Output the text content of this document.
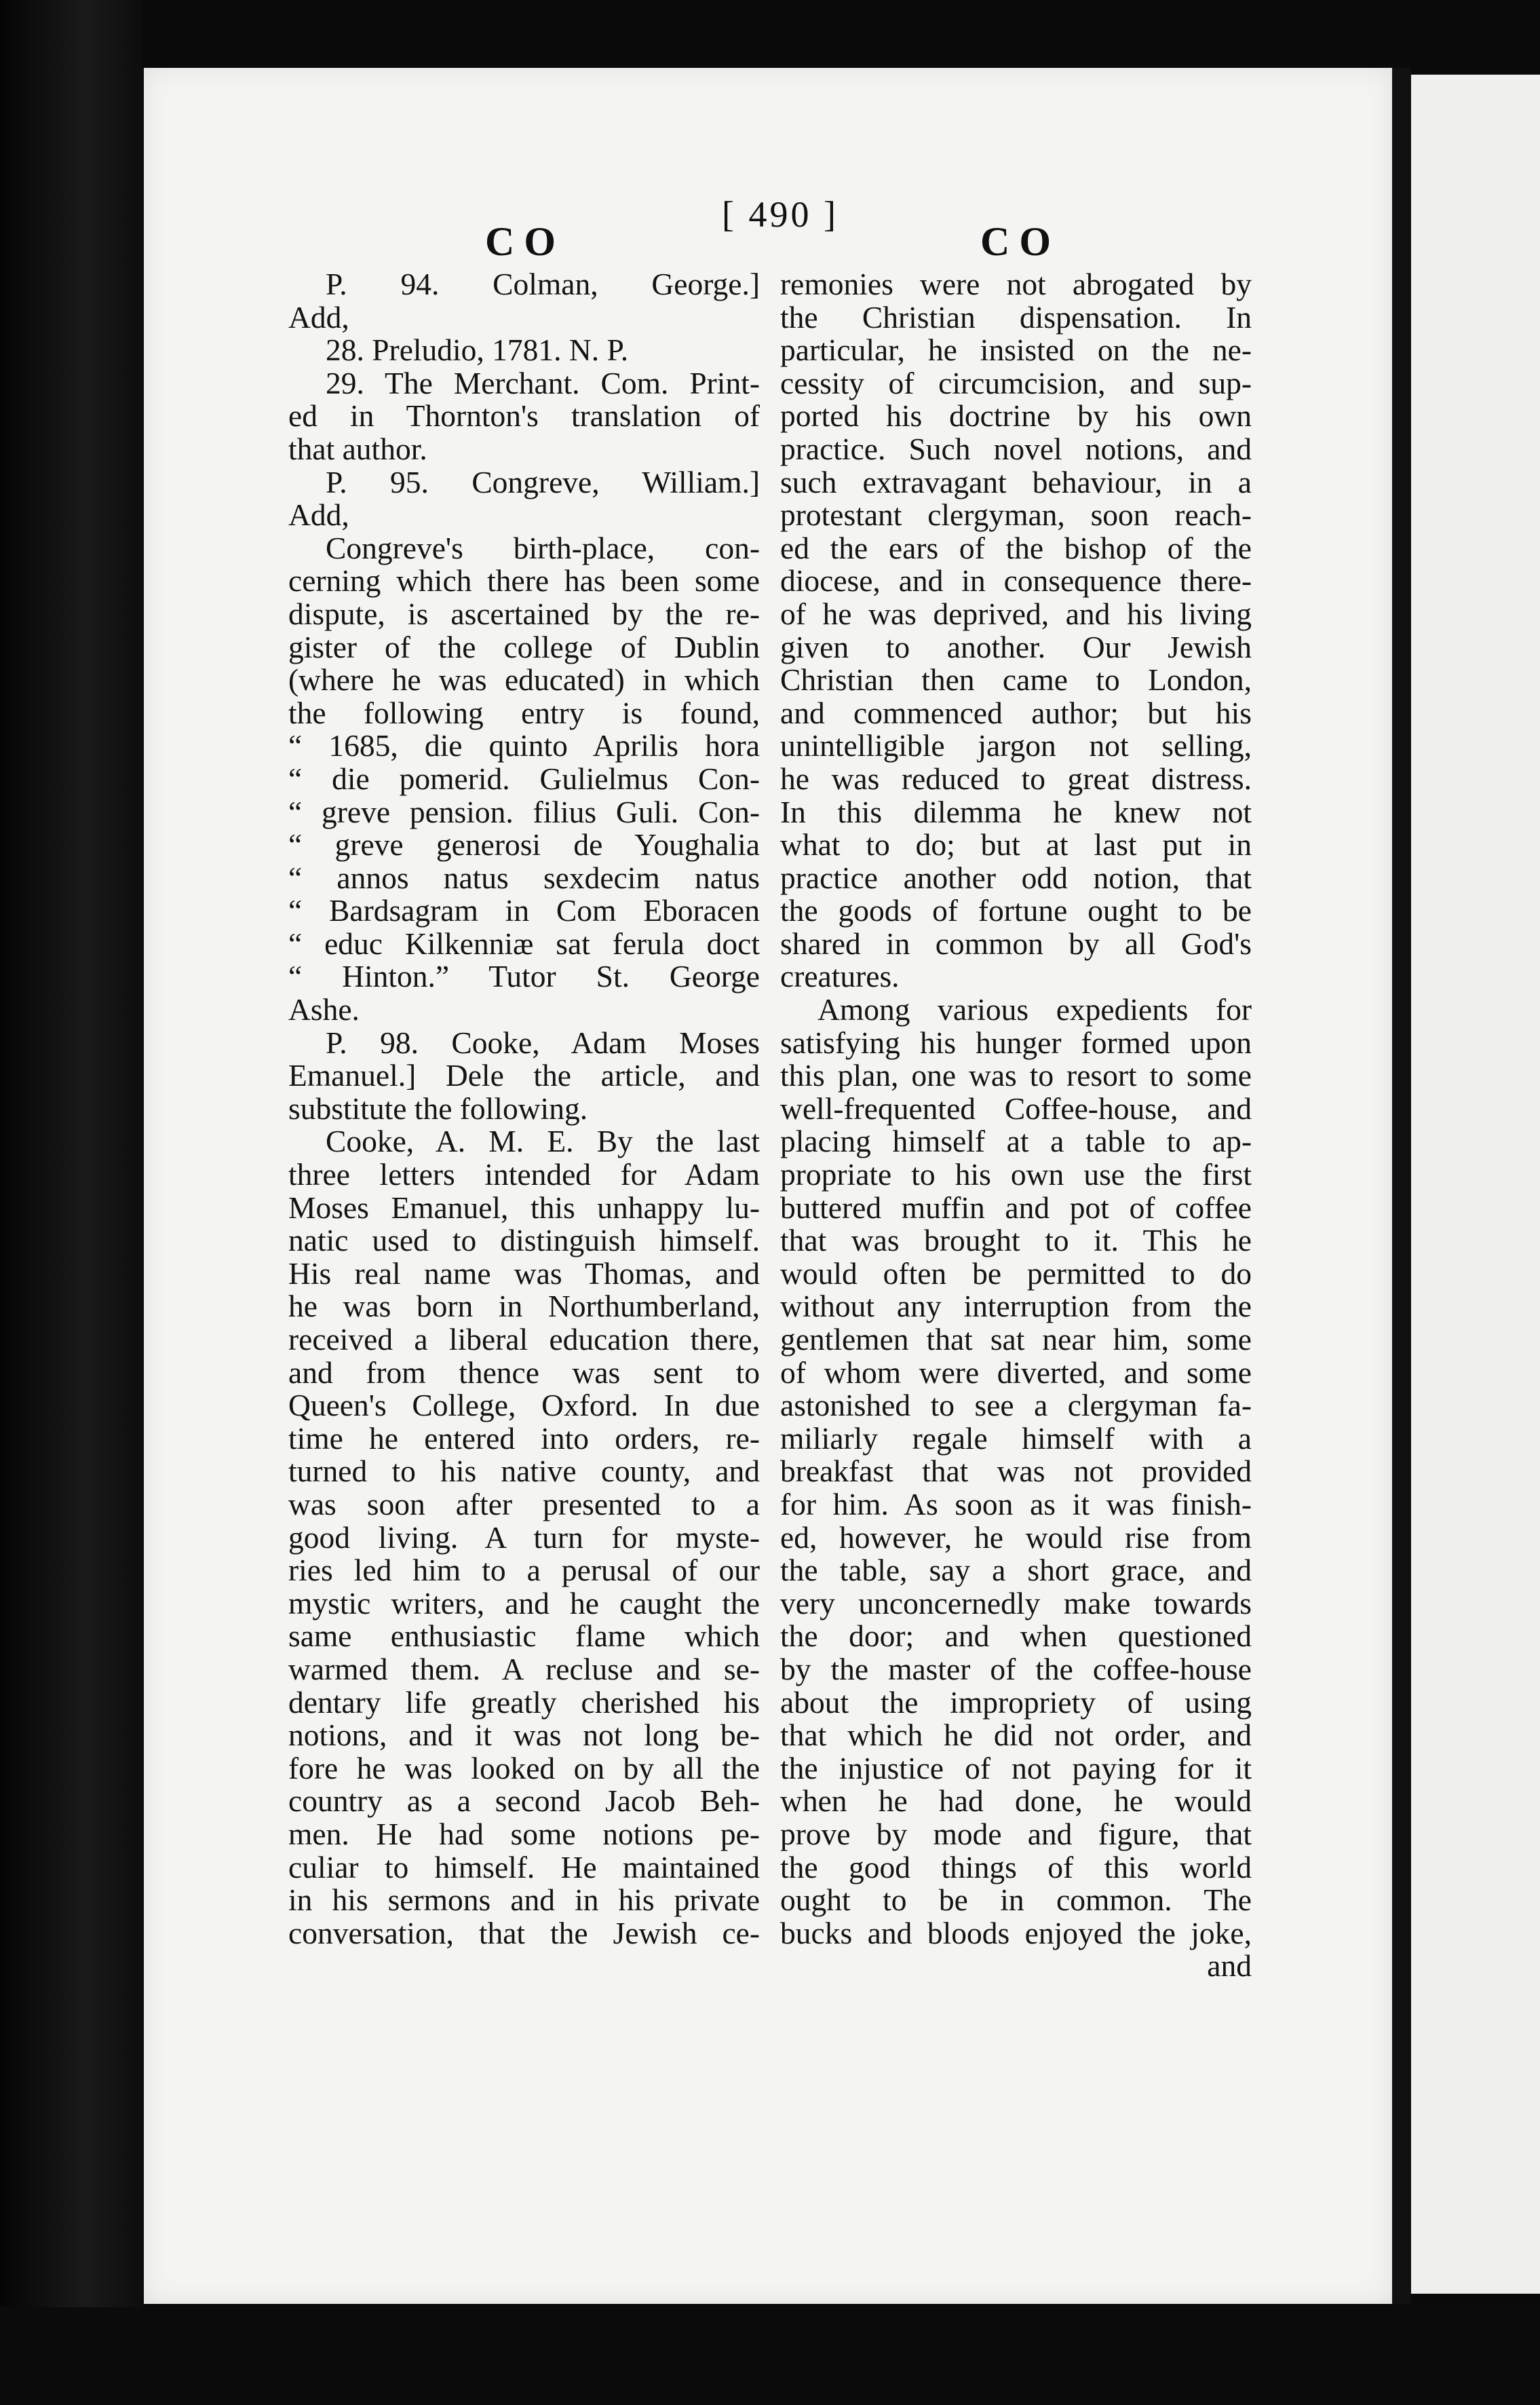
[ 490 ]
CO	CO
P. 94. Colman, George.]
Add,
28. Preludio, 1781. N. P.
29. The Merchant. Com. Print-
ed in Thornton's translation of
that author.
P. 95. Congreve, William.]
Add,
Congreve's birth-place, con-
cerning which there has been some
dispute, is ascertained by the re-
gister of the college of Dublin
(where he was educated) in which
the following entry is found,
“ 1685, die quinto Aprilis hora
“ die pomerid. Gulielmus Con-
“ greve pension. filius Guli. Con-
“ greve generosi de Youghalia
“ annos natus sexdecim natus
“ Bardsagram in Com Eboracen
“ educ Kilkenniæ sat ferula doct
“ Hinton.” Tutor St. George
Ashe.
P. 98. Cooke, Adam Moses
Emanuel.] Dele the article, and
substitute the following.
Cooke, A. M. E. By the last
three letters intended for Adam
Moses Emanuel, this unhappy lu-
natic used to distinguish himself.
His real name was Thomas, and
he was born in Northumberland,
received a liberal education there,
and from thence was sent to
Queen's College, Oxford. In due
time he entered into orders, re-
turned to his native county, and
was soon after presented to a
good living. A turn for myste-
ries led him to a perusal of our
mystic writers, and he caught the
same enthusiastic flame which
warmed them. A recluse and se-
dentary life greatly cherished his
notions, and it was not long be-
fore he was looked on by all the
country as a second Jacob Beh-
men. He had some notions pe-
culiar to himself. He maintained
in his sermons and in his private
conversation, that the Jewish ce-
remonies were not abrogated by
the Christian dispensation. In
particular, he insisted on the ne-
cessity of circumcision, and sup-
ported his doctrine by his own
practice. Such novel notions, and
such extravagant behaviour, in a
protestant clergyman, soon reach-
ed the ears of the bishop of the
diocese, and in consequence there-
of he was deprived, and his living
given to another. Our Jewish
Christian then came to London,
and commenced author; but his
unintelligible jargon not selling,
he was reduced to great distress.
In this dilemma he knew not
what to do; but at last put in
practice another odd notion, that
the goods of fortune ought to be
shared in common by all God's
creatures.
Among various expedients for
satisfying his hunger formed upon
this plan, one was to resort to some
well-frequented Coffee-house, and
placing himself at a table to ap-
propriate to his own use the first
buttered muffin and pot of coffee
that was brought to it. This he
would often be permitted to do
without any interruption from the
gentlemen that sat near him, some
of whom were diverted, and some
astonished to see a clergyman fa-
miliarly regale himself with a
breakfast that was not provided
for him. As soon as it was finish-
ed, however, he would rise from
the table, say a short grace, and
very unconcernedly make towards
the door; and when questioned
by the master of the coffee-house
about the impropriety of using
that which he did not order, and
the injustice of not paying for it
when he had done, he would
prove by mode and figure, that
the good things of this world
ought to be in common. The
bucks and bloods enjoyed the joke,
and
